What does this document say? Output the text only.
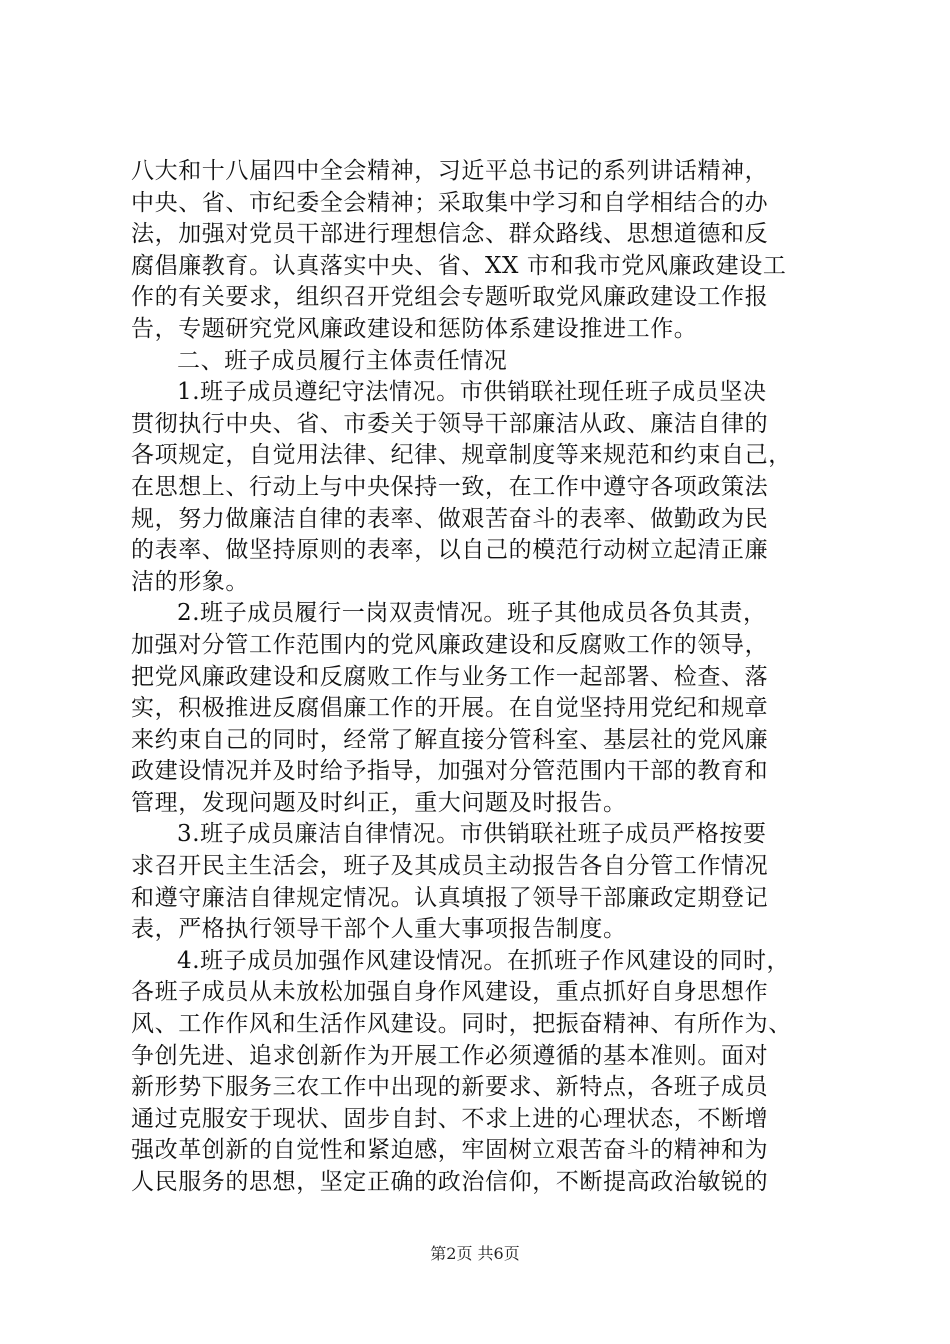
八大和十八届四中全会精神，习近平总书记的系列讲话精神，
中央、省、市纪委全会精神；采取集中学习和自学相结合的办
法，加强对党员干部进行理想信念、群众路线、思想道德和反
腐倡廉教育。认真落实中央、省、XX 市和我市党风廉政建设工
作的有关要求，组织召开党组会专题听取党风廉政建设工作报
告，专题研究党风廉政建设和惩防体系建设推进工作。
二、班子成员履行主体责任情况
1.班子成员遵纪守法情况。市供销联社现任班子成员坚决
贯彻执行中央、省、市委关于领导干部廉洁从政、廉洁自律的
各项规定，自觉用法律、纪律、规章制度等来规范和约束自己，
在思想上、行动上与中央保持一致，在工作中遵守各项政策法
规，努力做廉洁自律的表率、做艰苦奋斗的表率、做勤政为民
的表率、做坚持原则的表率，以自己的模范行动树立起清正廉
洁的形象。
2.班子成员履行一岗双责情况。班子其他成员各负其责，
加强对分管工作范围内的党风廉政建设和反腐败工作的领导，
把党风廉政建设和反腐败工作与业务工作一起部署、检查、落
实，积极推进反腐倡廉工作的开展。在自觉坚持用党纪和规章
来约束自己的同时，经常了解直接分管科室、基层社的党风廉
政建设情况并及时给予指导，加强对分管范围内干部的教育和
管理，发现问题及时纠正，重大问题及时报告。
3.班子成员廉洁自律情况。市供销联社班子成员严格按要
求召开民主生活会，班子及其成员主动报告各自分管工作情况
和遵守廉洁自律规定情况。认真填报了领导干部廉政定期登记
表，严格执行领导干部个人重大事项报告制度。
4.班子成员加强作风建设情况。在抓班子作风建设的同时，
各班子成员从未放松加强自身作风建设，重点抓好自身思想作
风、工作作风和生活作风建设。同时，把振奋精神、有所作为、
争创先进、追求创新作为开展工作必须遵循的基本准则。面对
新形势下服务三农工作中出现的新要求、新特点，各班子成员
通过克服安于现状、固步自封、不求上进的心理状态，不断增
强改革创新的自觉性和紧迫感，牢固树立艰苦奋斗的精神和为
人民服务的思想，坚定正确的政治信仰，不断提高政治敏锐的
第2页 共6页
